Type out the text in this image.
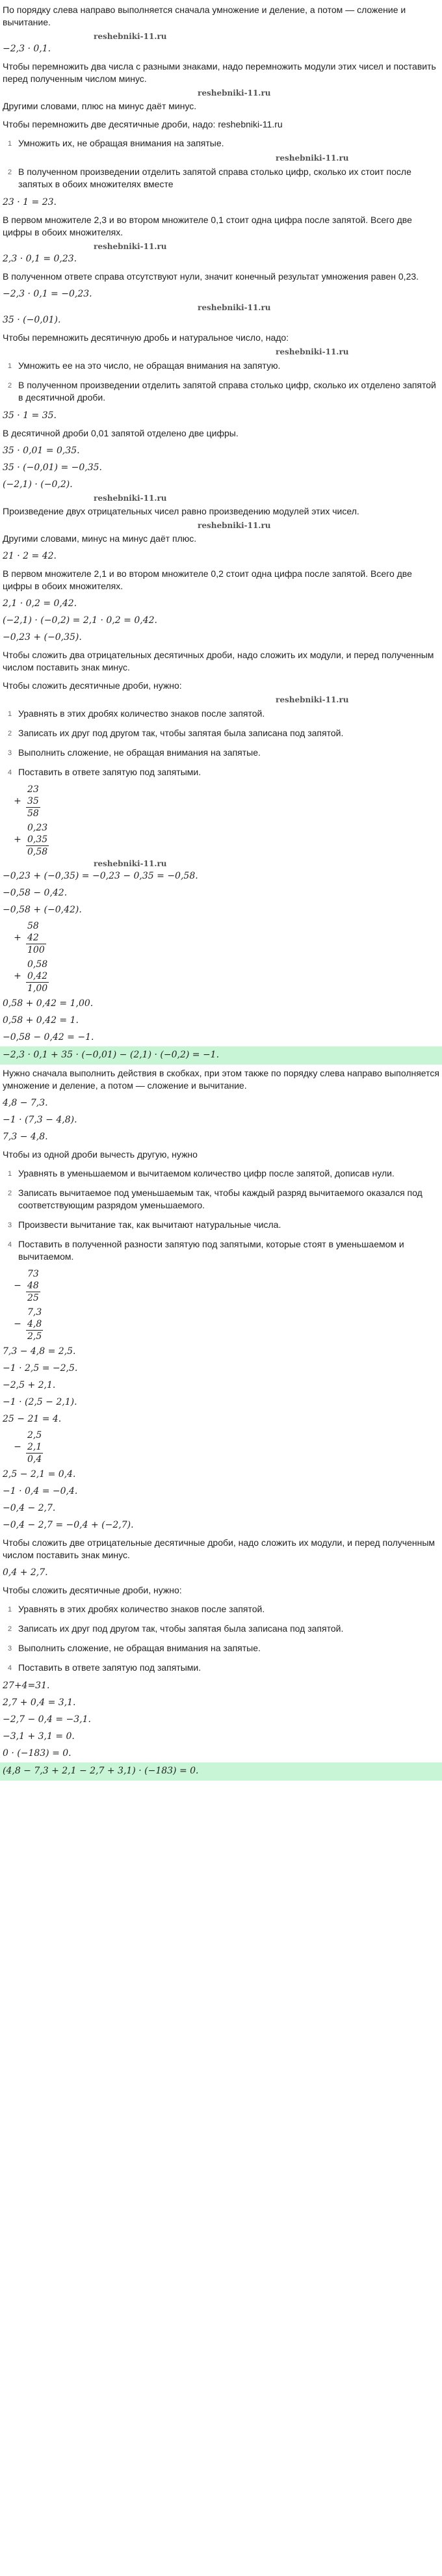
По порядку слева направо выполняется сначала умножение и деление, а потом — сложение и вычитание.

reshebniki-11.ru

−2,3 · 0,1.

Чтобы перемножить два числа с разными знаками, надо перемножить модули этих чисел и поставить перед полученным числом минус.

reshebniki-11.ru

Другими словами, плюс на минус даёт минус.

Чтобы перемножить две десятичные дроби, надо: reshebniki-11.ru

1 Умножить их, не обращая внимания на запятые.

reshebniki-11.ru

2 В полученном произведении отделить запятой справа столько цифр, сколько их стоит после запятых в обоих множителях вместе

23 · 1 = 23.

В первом множителе 2,3 и во втором множителе 0,1 стоит одна цифра после запятой. Всего две цифры в обоих множителях.

reshebniki-11.ru

2,3 · 0,1 = 0,23.

В полученном ответе справа отсутствуют нули, значит конечный результат умножения равен 0,23.

−2,3 · 0,1 = −0,23.

reshebniki-11.ru

35 · (−0,01).

Чтобы перемножить десятичную дробь и натуральное число, надо:

reshebniki-11.ru

1 Умножить ее на это число, не обращая внимания на запятую.
2 В полученном произведении отделить запятой справа столько цифр, сколько их отделено запятой в десятичной дроби.

35 · 1 = 35.

В десятичной дроби 0,01 запятой отделено две цифры.

35 · 0,01 = 0,35.

35 · (−0,01) = −0,35.

(−2,1) · (−0,2).

reshebniki-11.ru

Произведение двух отрицательных чисел равно произведению модулей этих чисел.

reshebniki-11.ru

Другими словами, минус на минус даёт плюс.

21 · 2 = 42.

В первом множителе 2,1 и во втором множителе 0,2 стоит одна цифра после запятой. Всего две цифры в обоих множителях.

2,1 · 0,2 = 0,42.

(−2,1) · (−0,2) = 2,1 · 0,2 = 0,42.

−0,23 + (−0,35).

Чтобы сложить два отрицательных десятичных дроби, надо сложить их модули, и перед полученным числом поставить знак минус.

Чтобы сложить десятичные дроби, нужно:

reshebniki-11.ru

1 Уравнять в этих дробях количество знаков после запятой.
2 Записать их друг под другом так, чтобы запятая была записана под запятой.
3 Выполнить сложение, не обращая внимания на запятые.
4 Поставить в ответе запятую под запятыми.
+
23
35
58
+
0,23
0,35
0,58

reshebniki-11.ru

−0,23 + (−0,35) = −0,23 − 0,35 = −0,58.

−0,58 − 0,42.

−0,58 + (−0,42).

+
58
42
100
+
0,58
0,42
1,00

0,58 + 0,42 = 1,00.

0,58 + 0,42 = 1.

−0,58 − 0,42 = −1.

−2,3 · 0,1 + 35 · (−0,01) − (2,1) · (−0,2) = −1.

Нужно сначала выполнить действия в скобках, при этом также по порядку слева направо выполняется умножение и деление, а потом — сложение и вычитание.

4,8 − 7,3.

−1 · (7,3 − 4,8).

7,3 − 4,8.

Чтобы из одной дроби вычесть другую, нужно

1 Уравнять в уменьшаемом и вычитаемом количество цифр после запятой, дописав нули.
2 Записать вычитаемое под уменьшаемым так, чтобы каждый разряд вычитаемого оказался под соответствующим разрядом уменьшаемого.
3 Произвести вычитание так, как вычитают натуральные числа.
4 Поставить в полученной разности запятую под запятыми, которые стоят в уменьшаемом и вычитаемом.
−
73
48
25
−
7,3
4,8
2,5

7,3 − 4,8 = 2,5.

−1 · 2,5 = −2,5.

−2,5 + 2,1.

−1 · (2,5 − 2,1).

25 − 21 = 4.

−
2,5
2,1
0,4

2,5 − 2,1 = 0,4.

−1 · 0,4 = −0,4.

−0,4 − 2,7.

−0,4 − 2,7 = −0,4 + (−2,7).

Чтобы сложить две отрицательные десятичные дроби, надо сложить их модули, и перед полученным числом поставить знак минус.

0,4 + 2,7.

Чтобы сложить десятичные дроби, нужно:

1 Уравнять в этих дробях количество знаков после запятой.
2 Записать их друг под другом так, чтобы запятая была записана под запятой.
3 Выполнить сложение, не обращая внимания на запятые.
4 Поставить в ответе запятую под запятыми.

27+4=31.

2,7 + 0,4 = 3,1.

−2,7 − 0,4 = −3,1.

−3,1 + 3,1 = 0.

0 · (−183) = 0.

(4,8 − 7,3 + 2,1 − 2,7 + 3,1) · (−183) = 0.
